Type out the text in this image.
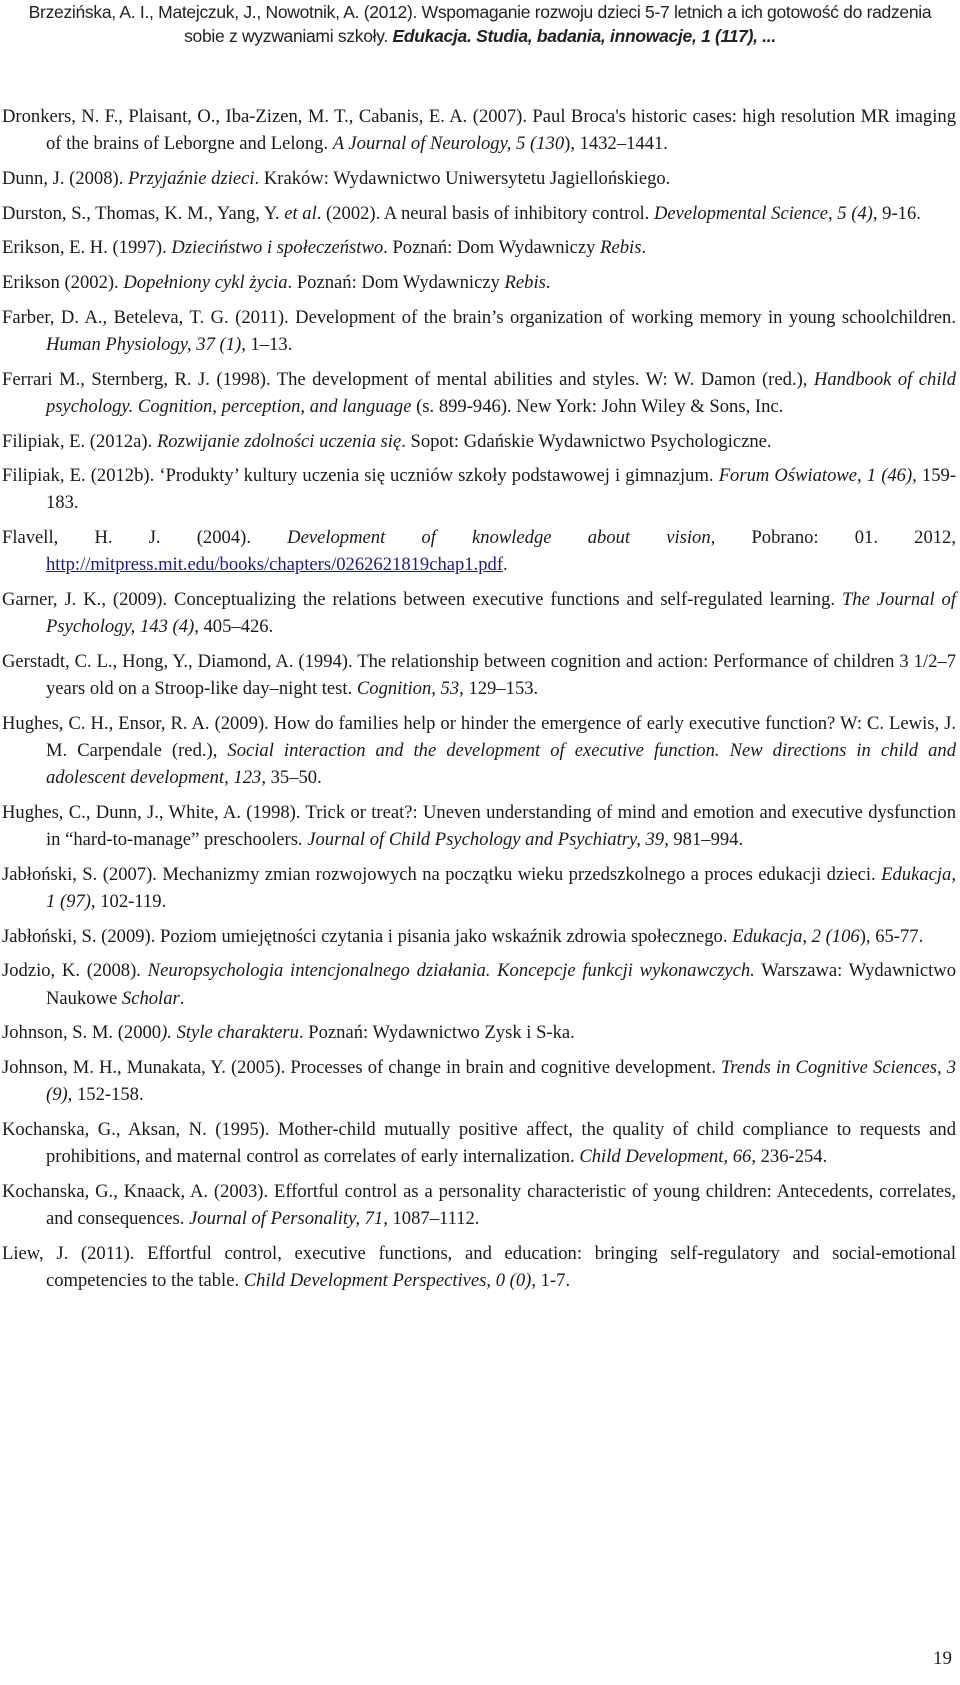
Brzezińska, A. I., Matejczuk, J., Nowotnik, A. (2012). Wspomaganie rozwoju dzieci 5-7 letnich a ich gotowość do radzenia
sobie z wyzwaniami szkoły. Edukacja. Studia, badania, innowacje, 1 (117), ...

Dronkers, N. F., Plaisant, O., Iba-Zizen, M. T., Cabanis, E. A. (2007). Paul Broca's historic cases: high resolution MR imaging of the brains of Leborgne and Lelong. A Journal of Neurology, 5 (130), 1432–1441.

Dunn, J. (2008). Przyjaźnie dzieci. Kraków: Wydawnictwo Uniwersytetu Jagiellońskiego.

Durston, S., Thomas, K. M., Yang, Y. et al. (2002). A neural basis of inhibitory control. Developmental Science, 5 (4), 9-16.

Erikson, E. H. (1997). Dzieciństwo i społeczeństwo. Poznań: Dom Wydawniczy Rebis.

Erikson (2002). Dopełniony cykl życia. Poznań: Dom Wydawniczy Rebis.

Farber, D. A., Beteleva, T. G. (2011). Development of the brain’s organization of working memory in young schoolchildren. Human Physiology, 37 (1), 1–13.

Ferrari M., Sternberg, R. J. (1998). The development of mental abilities and styles. W: W. Damon (red.), Handbook of child psychology. Cognition, perception, and language (s. 899-946). New York: John Wiley & Sons, Inc.

Filipiak, E. (2012a). Rozwijanie zdolności uczenia się. Sopot: Gdańskie Wydawnictwo Psychologiczne.

Filipiak, E. (2012b). ‘Produkty’ kultury uczenia się uczniów szkoły podstawowej i gimnazjum. Forum Oświatowe, 1 (46), 159-183.

Flavell, H. J. (2004). Development of knowledge about vision, Pobrano: 01. 2012, http://mitpress.mit.edu/books/chapters/0262621819chap1.pdf.

Garner, J. K., (2009). Conceptualizing the relations between executive functions and self-regulated learning. The Journal of Psychology, 143 (4), 405–426.

Gerstadt, C. L., Hong, Y., Diamond, A. (1994). The relationship between cognition and action: Performance of children 3 1/2–7 years old on a Stroop-like day–night test. Cognition, 53, 129–153.

Hughes, C. H., Ensor, R. A. (2009). How do families help or hinder the emergence of early executive function? W: C. Lewis, J. M. Carpendale (red.), Social interaction and the development of executive function. New directions in child and adolescent development, 123, 35–50.

Hughes, C., Dunn, J., White, A. (1998). Trick or treat?: Uneven understanding of mind and emotion and executive dysfunction in “hard-to-manage” preschoolers. Journal of Child Psychology and Psychiatry, 39, 981–994.

Jabłoński, S. (2007). Mechanizmy zmian rozwojowych na początku wieku przedszkolnego a proces edukacji dzieci. Edukacja, 1 (97), 102-119.

Jabłoński, S. (2009). Poziom umiejętności czytania i pisania jako wskaźnik zdrowia społecznego. Edukacja, 2 (106), 65-77.

Jodzio, K. (2008). Neuropsychologia intencjonalnego działania. Koncepcje funkcji wykonawczych. Warszawa: Wydawnictwo Naukowe Scholar.

Johnson, S. M. (2000). Style charakteru. Poznań: Wydawnictwo Zysk i S-ka.

Johnson, M. H., Munakata, Y. (2005). Processes of change in brain and cognitive development. Trends in Cognitive Sciences, 3 (9), 152-158.

Kochanska, G., Aksan, N. (1995). Mother-child mutually positive affect, the quality of child compliance to requests and prohibitions, and maternal control as correlates of early internalization. Child Development, 66, 236-254.

Kochanska, G., Knaack, A. (2003). Effortful control as a personality characteristic of young children: Antecedents, correlates, and consequences. Journal of Personality, 71, 1087–1112.

Liew, J. (2011). Effortful control, executive functions, and education: bringing self-regulatory and social-emotional competencies to the table. Child Development Perspectives, 0 (0), 1-7.

19
